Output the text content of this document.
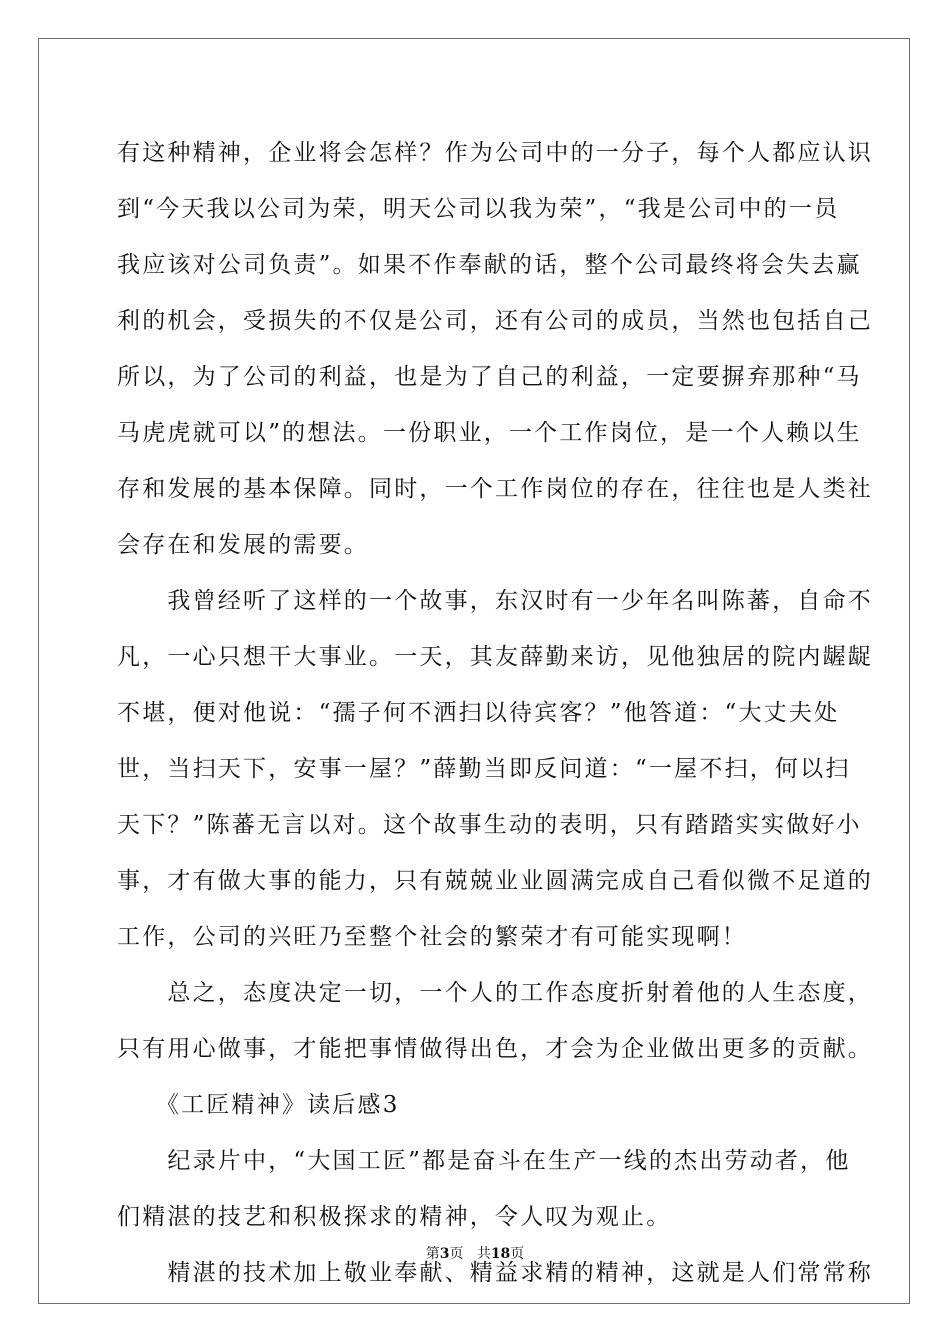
有这种精神，企业将会怎样？作为公司中的一分子，每个人都应认识
到“今天我以公司为荣，明天公司以我为荣”，“我是公司中的一员
我应该对公司负责”。如果不作奉献的话，整个公司最终将会失去赢
利的机会，受损失的不仅是公司，还有公司的成员，当然也包括自己
所以，为了公司的利益，也是为了自己的利益，一定要摒弃那种“马
马虎虎就可以”的想法。一份职业，一个工作岗位，是一个人赖以生
存和发展的基本保障。同时，一个工作岗位的存在，往往也是人类社
会存在和发展的需要。
　　我曾经听了这样的一个故事，东汉时有一少年名叫陈蕃，自命不
凡，一心只想干大事业。一天，其友薛勤来访，见他独居的院内龌龊
不堪，便对他说：“孺子何不洒扫以待宾客？”他答道：“大丈夫处
世，当扫天下，安事一屋？”薛勤当即反问道：“一屋不扫，何以扫
天下？”陈蕃无言以对。这个故事生动的表明，只有踏踏实实做好小
事，才有做大事的能力，只有兢兢业业圆满完成自己看似微不足道的
工作，公司的兴旺乃至整个社会的繁荣才有可能实现啊！
　　总之，态度决定一切，一个人的工作态度折射着他的人生态度，
只有用心做事，才能把事情做得出色，才会为企业做出更多的贡献。
　　《工匠精神》读后感3
　　纪录片中，“大国工匠”都是奋斗在生产一线的杰出劳动者，他
们精湛的技艺和积极探求的精神，令人叹为观止。
　　精湛的技术加上敬业奉献、精益求精的精神，这就是人们常常称
第3页 共18页
